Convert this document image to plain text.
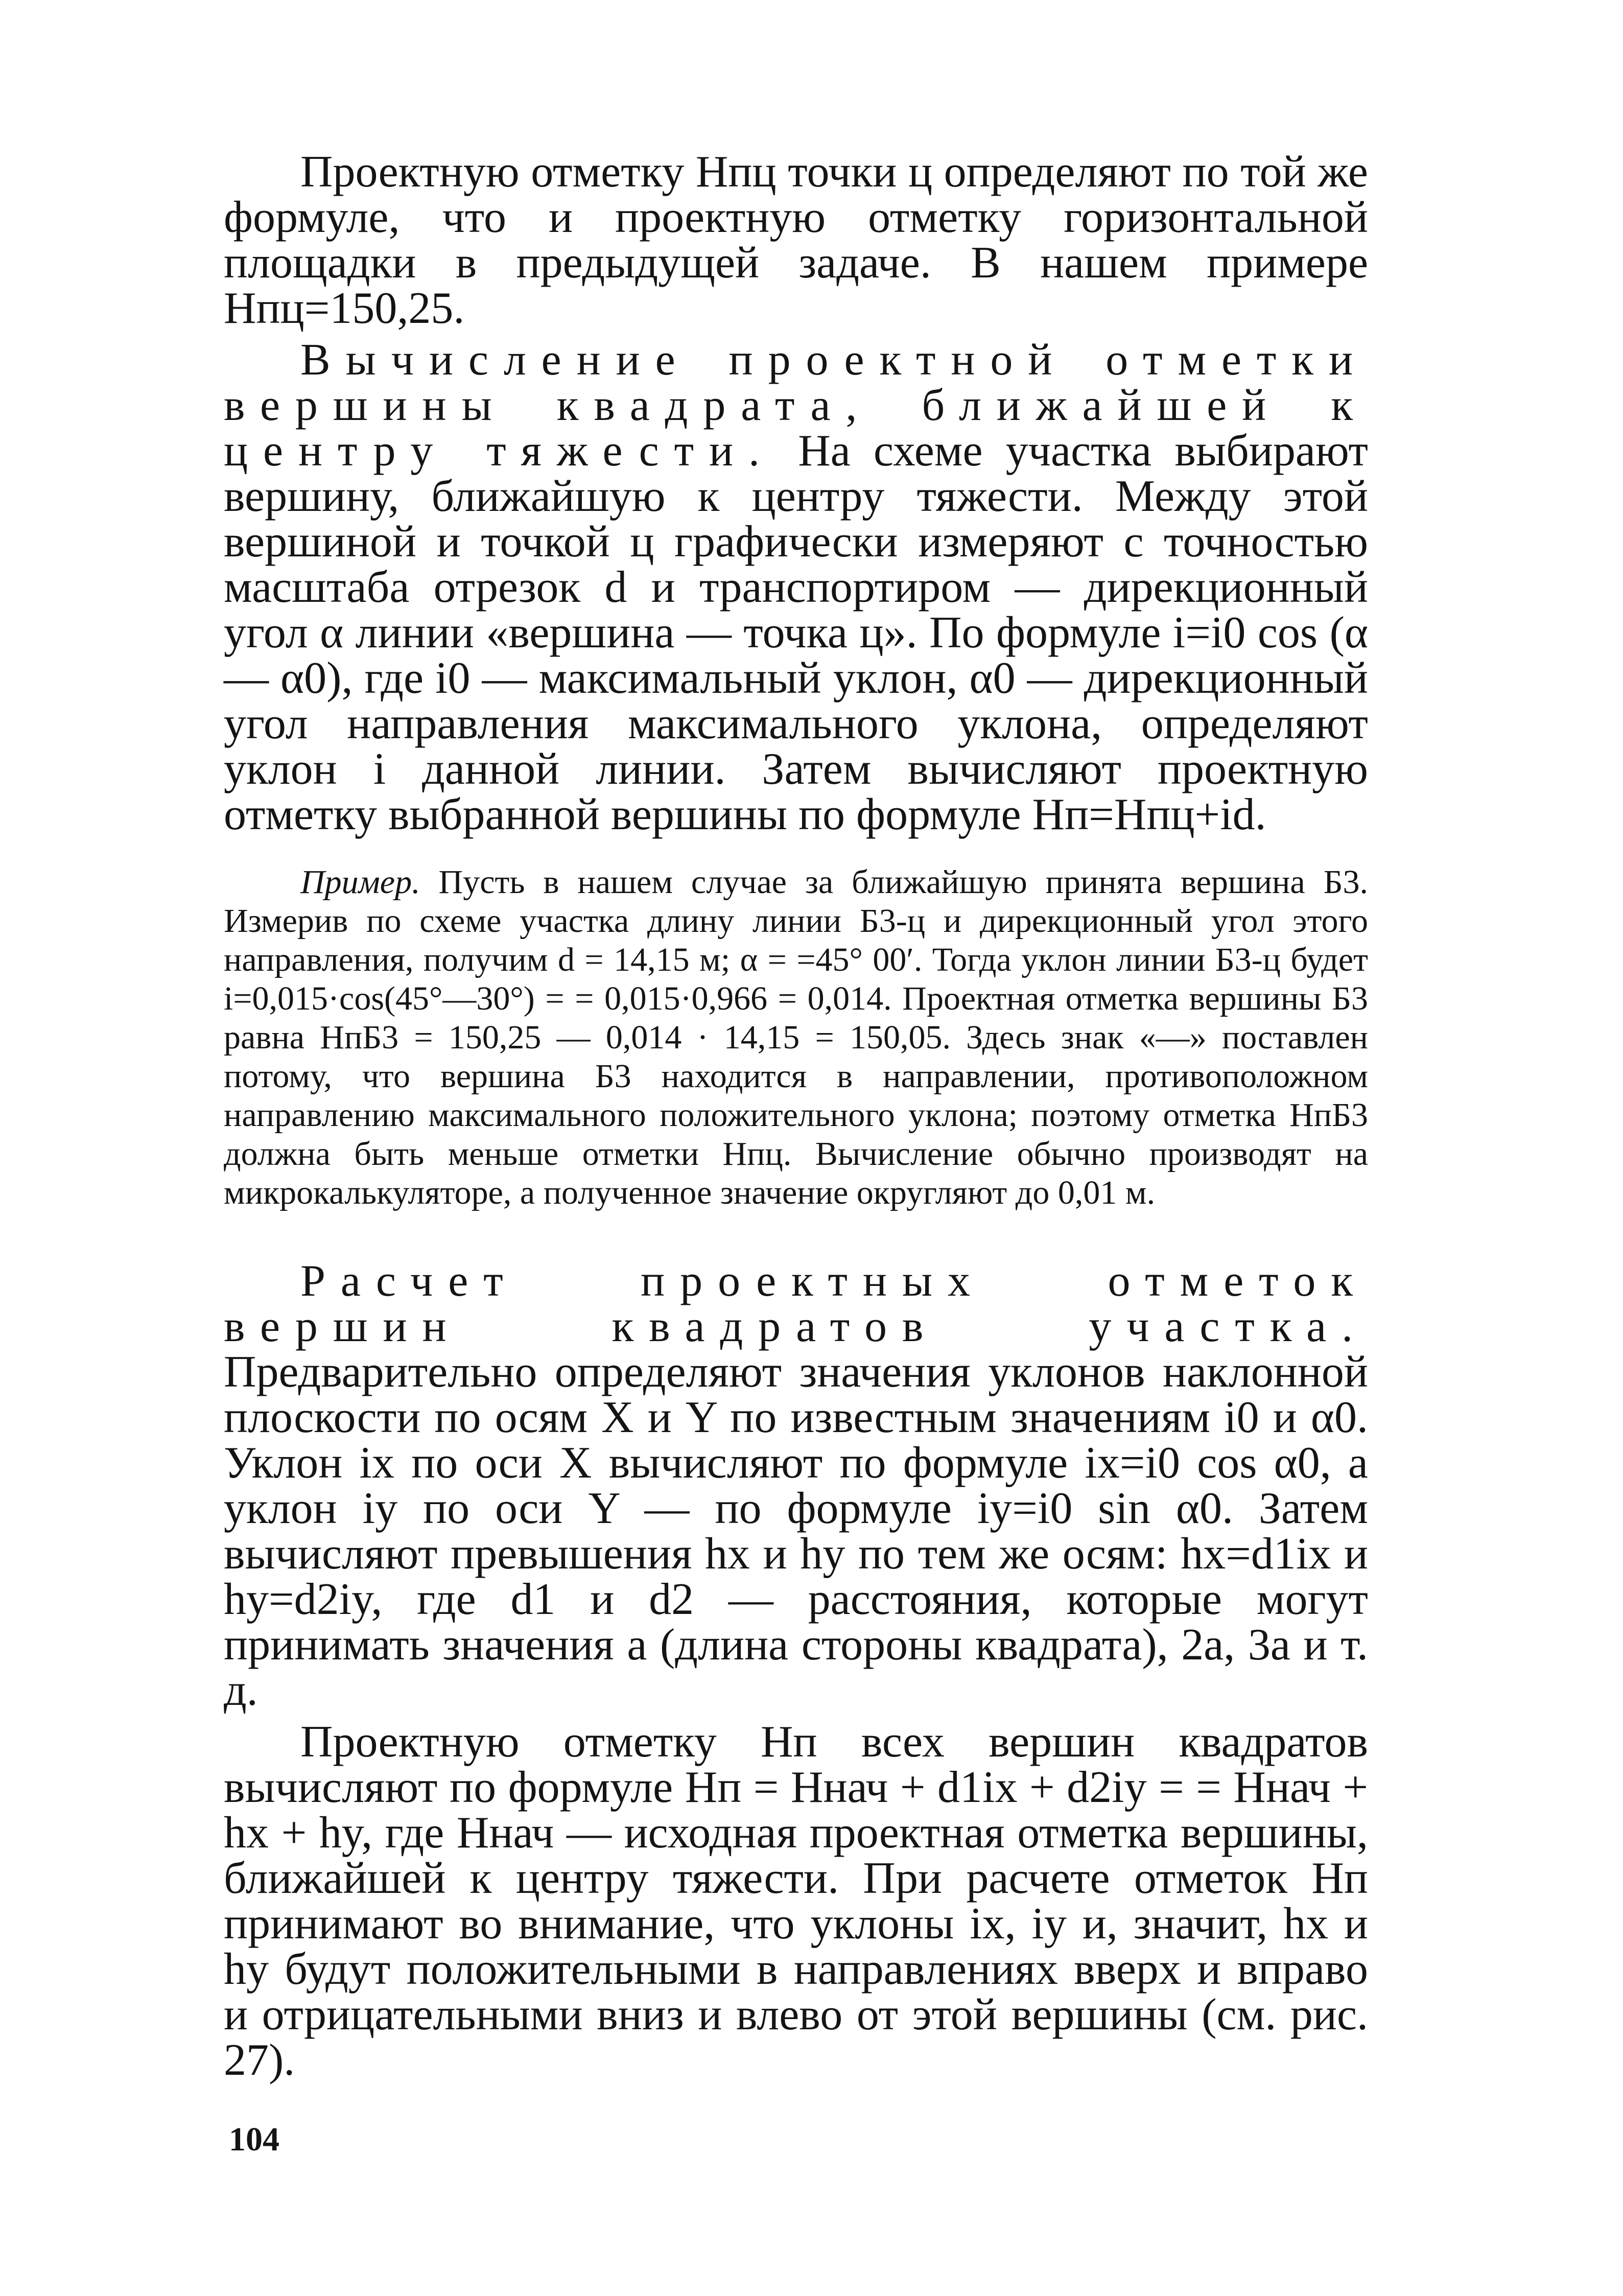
Проектную отметку Нпц точки ц определяют по той же формуле, что и проектную отметку горизонтальной площадки в предыдущей задаче. В нашем примере Нпц=150,25.

Вычисление проектной отметки вершины квадрата, ближайшей к центру тяжести. На схеме участка выбирают вершину, ближайшую к центру тяжести. Между этой вершиной и точкой ц графически измеряют с точностью масштаба отрезок d и транспортиром — дирекционный угол α линии «вершина — точка ц». По формуле i=i0 cos (α — α0), где i0 — максимальный уклон, α0 — дирекционный угол направления максимального уклона, определяют уклон i данной линии. Затем вычисляют проектную отметку выбранной вершины по формуле Нп=Нпц+id.

Пример. Пусть в нашем случае за ближайшую принята вершина Б3. Измерив по схеме участка длину линии Б3-ц и дирекционный угол этого направления, получим d = 14,15 м; α = =45° 00′. Тогда уклон линии Б3-ц будет i=0,015·cos(45°—30°) = = 0,015·0,966 = 0,014. Проектная отметка вершины Б3 равна НпБ3 = 150,25 — 0,014 · 14,15 = 150,05. Здесь знак «—» поставлен потому, что вершина Б3 находится в направлении, противоположном направлению максимального положительного уклона; поэтому отметка НпБ3 должна быть меньше отметки Нпц. Вычисление обычно производят на микрокалькуляторе, а полученное значение округляют до 0,01 м.

Расчет проектных отметок вершин квадратов участка. Предварительно определяют значения уклонов наклонной плоскости по осям X и Y по известным значениям i0 и α0. Уклон ix по оси X вычисляют по формуле ix=i0 cos α0, а уклон iy по оси Y — по формуле iy=i0 sin α0. Затем вычисляют превышения hx и hy по тем же осям: hx=d1ix и hy=d2iy, где d1 и d2 — расстояния, которые могут принимать значения a (длина стороны квадрата), 2a, 3a и т. д.

Проектную отметку Нп всех вершин квадратов вычисляют по формуле Нп = Ннач + d1ix + d2iy = = Ннач + hx + hy, где Ннач — исходная проектная отметка вершины, ближайшей к центру тяжести. При расчете отметок Нп принимают во внимание, что уклоны ix, iy и, значит, hx и hy будут положительными в направлениях вверх и вправо и отрицательными вниз и влево от этой вершины (см. рис. 27).

104
